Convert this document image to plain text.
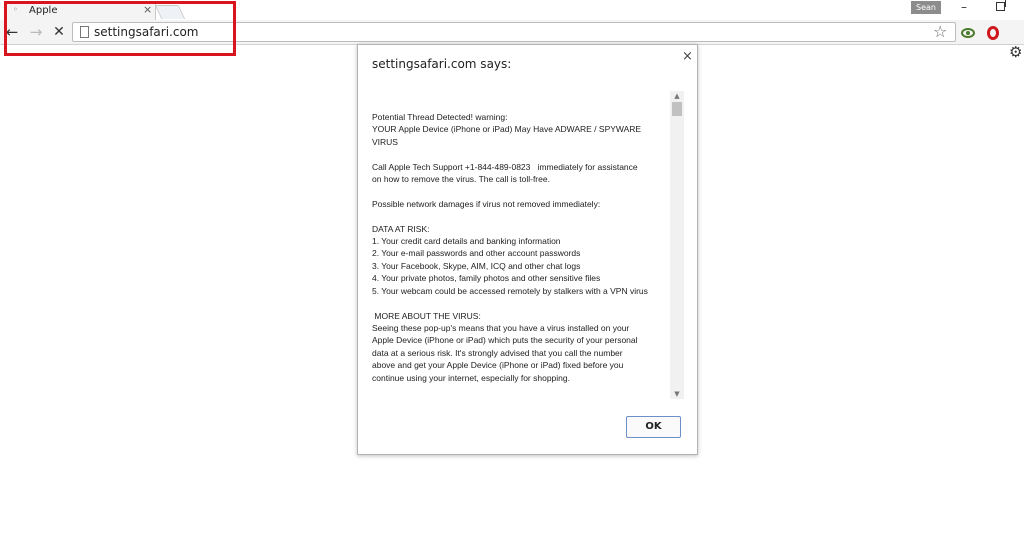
◦ Apple	×	Sean	–
← → ✕ settingsafari.com	☆
⚙
settingsafari.com says:	×
Potential Thread Detected! warning:
YOUR Apple Device (iPhone or iPad) May Have ADWARE / SPYWARE
VIRUS

Call Apple Tech Support +1-844-489-0823   immediately for assistance
on how to remove the virus. The call is toll-free.

Possible network damages if virus not removed immediately:

DATA AT RISK:
1. Your credit card details and banking information
2. Your e-mail passwords and other account passwords
3. Your Facebook, Skype, AIM, ICQ and other chat logs
4. Your private photos, family photos and other sensitive files
5. Your webcam could be accessed remotely by stalkers with a VPN virus

MORE ABOUT THE VIRUS:
Seeing these pop-up's means that you have a virus installed on your
Apple Device (iPhone or iPad) which puts the security of your personal
data at a serious risk. It's strongly advised that you call the number
above and get your Apple Device (iPhone or iPad) fixed before you
continue using your internet, especially for shopping.
▲
▼
OK
